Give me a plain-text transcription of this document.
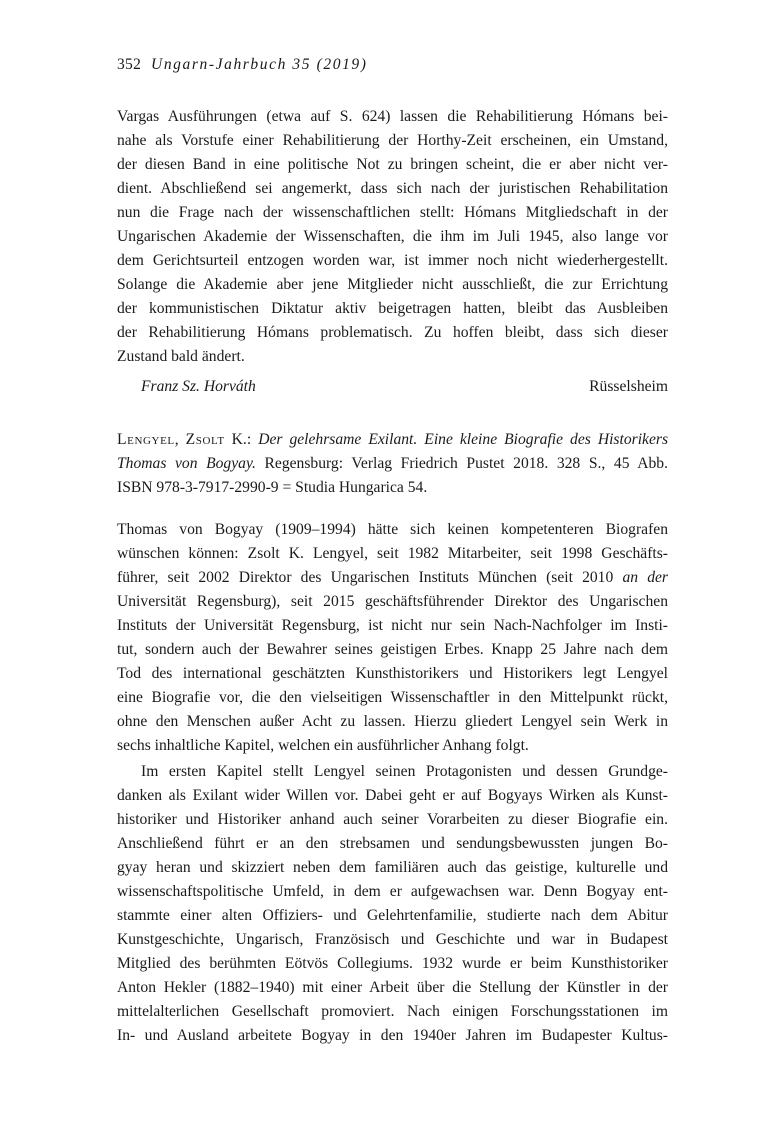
352 Ungarn-Jahrbuch 35 (2019)
Vargas Ausführungen (etwa auf S. 624) lassen die Rehabilitierung Hómans bei-
nahe als Vorstufe einer Rehabilitierung der Horthy-Zeit erscheinen, ein Umstand,
der diesen Band in eine politische Not zu bringen scheint, die er aber nicht ver-
dient. Abschließend sei angemerkt, dass sich nach der juristischen Rehabilitation
nun die Frage nach der wissenschaftlichen stellt: Hómans Mitgliedschaft in der
Ungarischen Akademie der Wissenschaften, die ihm im Juli 1945, also lange vor
dem Gerichtsurteil entzogen worden war, ist immer noch nicht wiederhergestellt.
Solange die Akademie aber jene Mitglieder nicht ausschließt, die zur Errichtung
der kommunistischen Diktatur aktiv beigetragen hatten, bleibt das Ausbleiben
der Rehabilitierung Hómans problematisch. Zu hoffen bleibt, dass sich dieser
Zustand bald ändert.
Franz Sz. Horváth	Rüsselsheim
Lengyel, Zsolt K.: Der gelehrsame Exilant. Eine kleine Biografie des Historikers
Thomas von Bogyay. Regensburg: Verlag Friedrich Pustet 2018. 328 S., 45 Abb.
ISBN 978-3-7917-2990-9 = Studia Hungarica 54.
Thomas von Bogyay (1909–1994) hätte sich keinen kompetenteren Biografen
wünschen können: Zsolt K. Lengyel, seit 1982 Mitarbeiter, seit 1998 Geschäfts-
führer, seit 2002 Direktor des Ungarischen Instituts München (seit 2010 an der
Universität Regensburg), seit 2015 geschäftsführender Direktor des Ungarischen
Instituts der Universität Regensburg, ist nicht nur sein Nach-Nachfolger im Insti-
tut, sondern auch der Bewahrer seines geistigen Erbes. Knapp 25 Jahre nach dem
Tod des international geschätzten Kunsthistorikers und Historikers legt Lengyel
eine Biografie vor, die den vielseitigen Wissenschaftler in den Mittelpunkt rückt,
ohne den Menschen außer Acht zu lassen. Hierzu gliedert Lengyel sein Werk in
sechs inhaltliche Kapitel, welchen ein ausführlicher Anhang folgt.
Im ersten Kapitel stellt Lengyel seinen Protagonisten und dessen Grundge-
danken als Exilant wider Willen vor. Dabei geht er auf Bogyays Wirken als Kunst-
historiker und Historiker anhand auch seiner Vorarbeiten zu dieser Biografie ein.
Anschließend führt er an den strebsamen und sendungsbewussten jungen Bo-
gyay heran und skizziert neben dem familiären auch das geistige, kulturelle und
wissenschaftspolitische Umfeld, in dem er aufgewachsen war. Denn Bogyay ent-
stammte einer alten Offiziers- und Gelehrtenfamilie, studierte nach dem Abitur
Kunstgeschichte, Ungarisch, Französisch und Geschichte und war in Budapest
Mitglied des berühmten Eötvös Collegiums. 1932 wurde er beim Kunsthistoriker
Anton Hekler (1882–1940) mit einer Arbeit über die Stellung der Künstler in der
mittelalterlichen Gesellschaft promoviert. Nach einigen Forschungsstationen im
In- und Ausland arbeitete Bogyay in den 1940er Jahren im Budapester Kultus-
